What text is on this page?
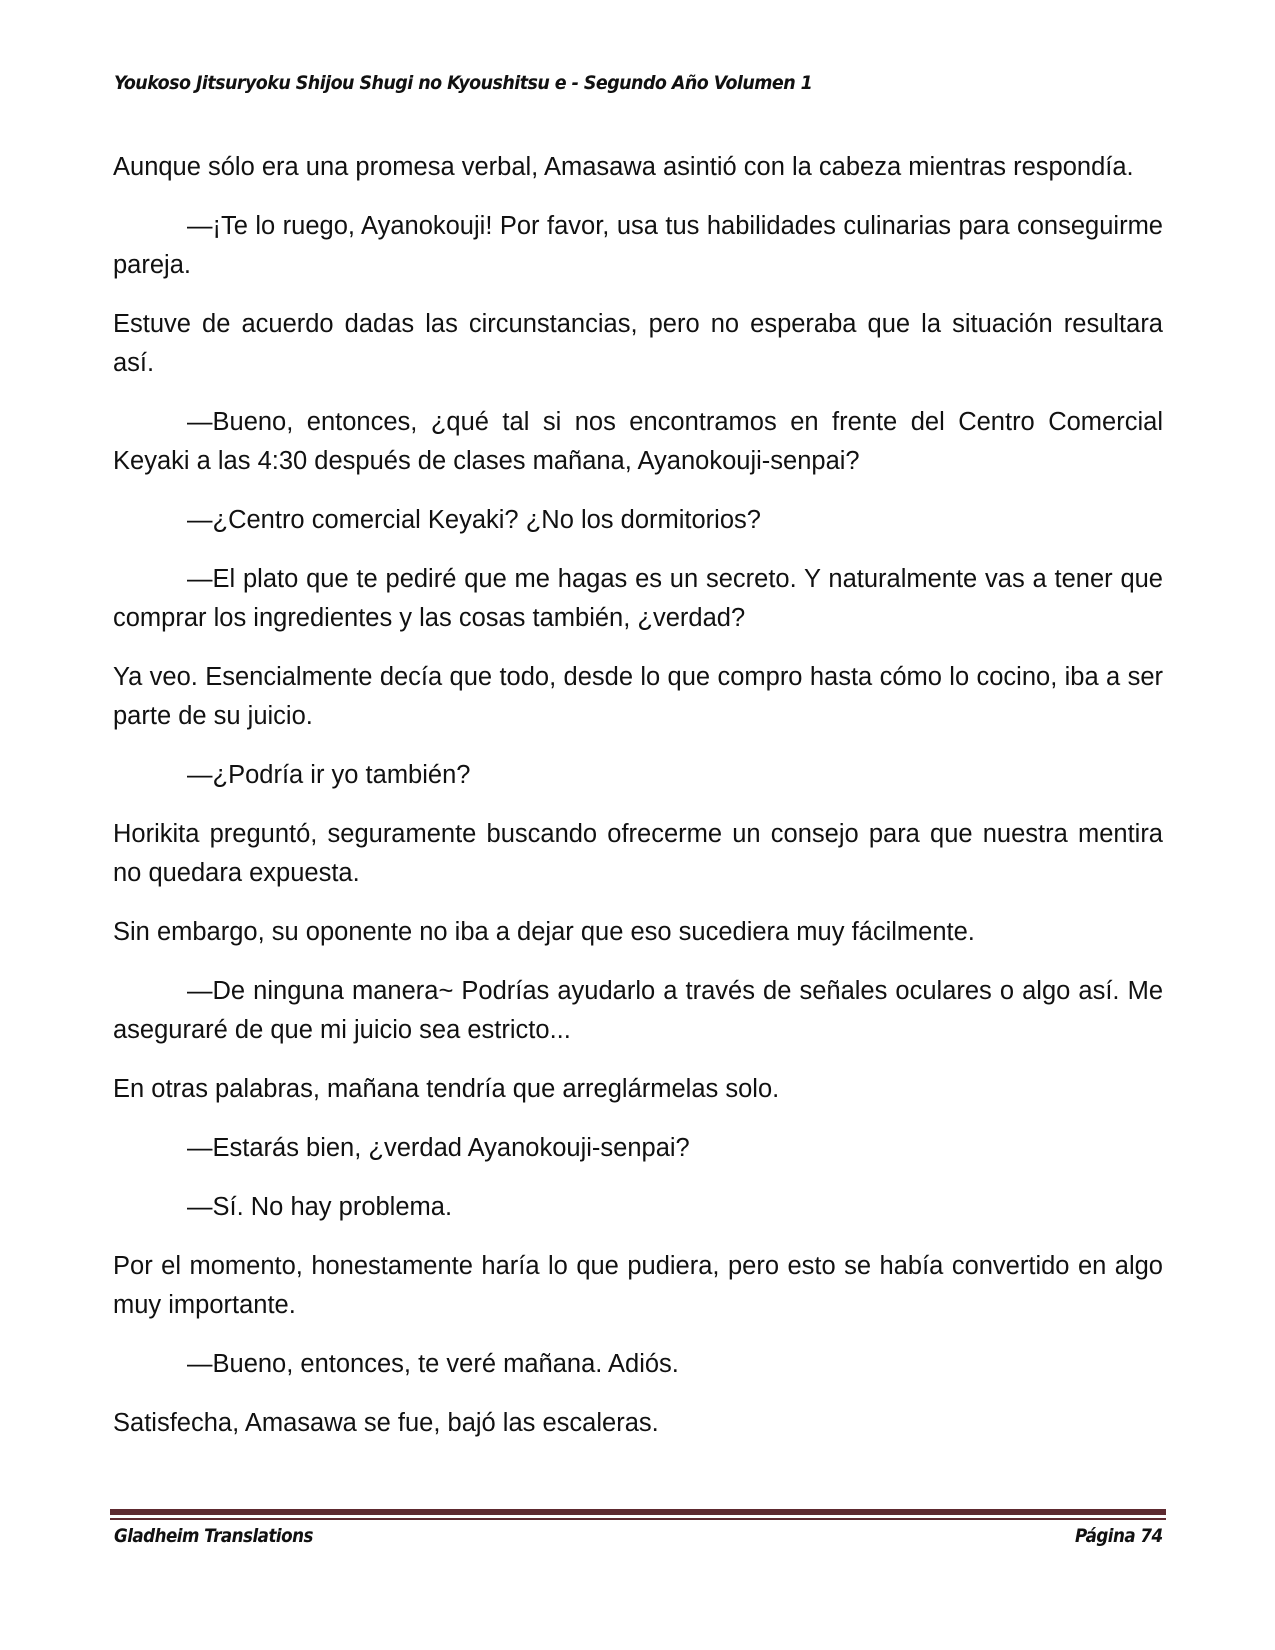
Youkoso Jitsuryoku Shijou Shugi no Kyoushitsu e - Segundo Año Volumen 1

Aunque sólo era una promesa verbal, Amasawa asintió con la cabeza mientras respondía.

—¡Te lo ruego, Ayanokouji! Por favor, usa tus habilidades culinarias para conseguirme pareja.

Estuve de acuerdo dadas las circunstancias, pero no esperaba que la situación resultara así.

—Bueno, entonces, ¿qué tal si nos encontramos en frente del Centro Comercial Keyaki a las 4:30 después de clases mañana, Ayanokouji-senpai?

—¿Centro comercial Keyaki? ¿No los dormitorios?

—El plato que te pediré que me hagas es un secreto. Y naturalmente vas a tener que comprar los ingredientes y las cosas también, ¿verdad?

Ya veo. Esencialmente decía que todo, desde lo que compro hasta cómo lo cocino, iba a ser parte de su juicio.

—¿Podría ir yo también?

Horikita preguntó, seguramente buscando ofrecerme un consejo para que nuestra mentira no quedara expuesta.

Sin embargo, su oponente no iba a dejar que eso sucediera muy fácilmente.

—De ninguna manera~ Podrías ayudarlo a través de señales oculares o algo así. Me aseguraré de que mi juicio sea estricto...

En otras palabras, mañana tendría que arreglármelas solo.

—Estarás bien, ¿verdad Ayanokouji-senpai?

—Sí. No hay problema.

Por el momento, honestamente haría lo que pudiera, pero esto se había convertido en algo muy importante.

—Bueno, entonces, te veré mañana. Adiós.

Satisfecha, Amasawa se fue, bajó las escaleras.

Gladheim Translations	Página 74
